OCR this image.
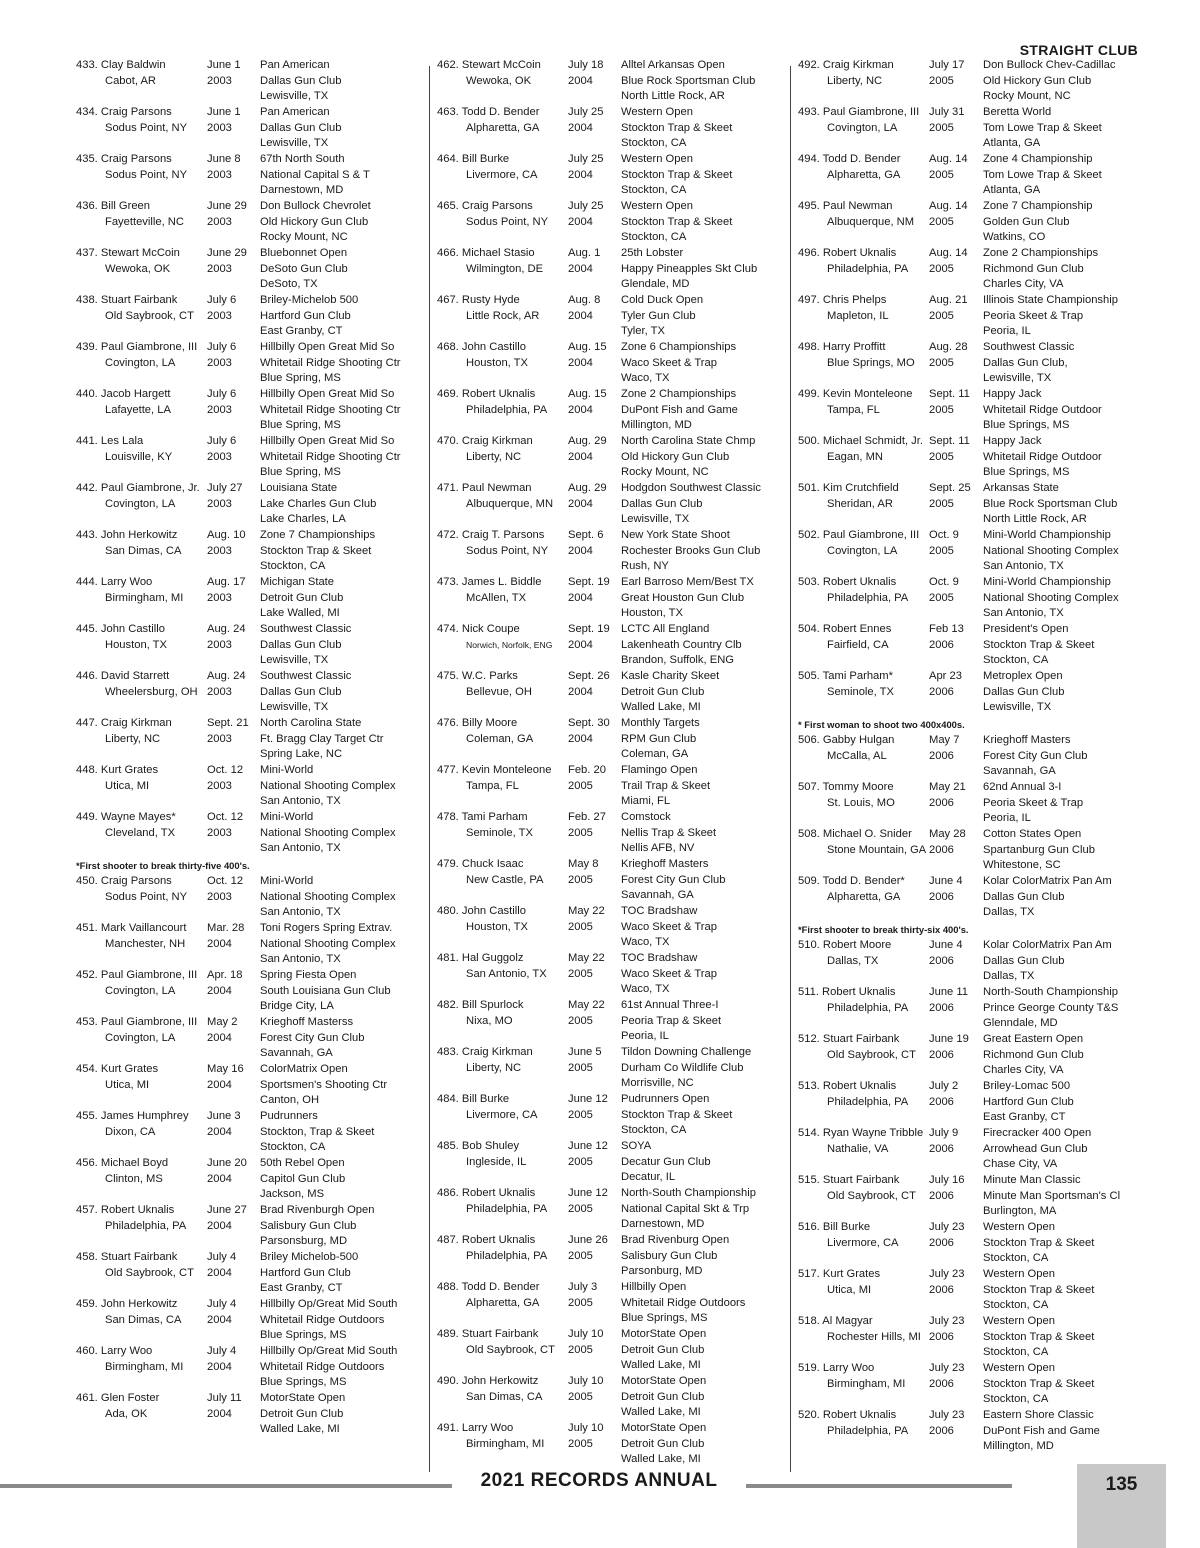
STRAIGHT CLUB
433. Clay Baldwin
Cabot, AR
June 1
2003
Pan American
Dallas Gun Club
Lewisville, TX
434. Craig Parsons
Sodus Point, NY
June 1
2003
Pan American
Dallas Gun Club
Lewisville, TX
435. Craig Parsons
Sodus Point, NY
June 8
2003
67th North South
National Capital S & T
Darnestown, MD
436. Bill Green
Fayetteville, NC
June 29
2003
Don Bullock Chevrolet
Old Hickory Gun Club
Rocky Mount, NC
437. Stewart McCoin
Wewoka, OK
June 29
2003
Bluebonnet Open
DeSoto Gun Club
DeSoto, TX
438. Stuart Fairbank
Old Saybrook, CT
July 6
2003
Briley-Michelob 500
Hartford Gun Club
East Granby, CT
439. Paul Giambrone, III
Covington, LA
July 6
2003
Hillbilly Open Great Mid So
Whitetail Ridge Shooting Ctr
Blue Spring, MS
440. Jacob Hargett
Lafayette, LA
July 6
2003
Hillbilly Open Great Mid So
Whitetail Ridge Shooting Ctr
Blue Spring, MS
441. Les Lala
Louisville, KY
July 6
2003
Hillbilly Open Great Mid So
Whitetail Ridge Shooting Ctr
Blue Spring, MS
442. Paul Giambrone, Jr.
Covington, LA
July 27
2003
Louisiana State
Lake Charles Gun Club
Lake Charles, LA
443. John Herkowitz
San Dimas, CA
Aug. 10
2003
Zone 7 Championships
Stockton Trap & Skeet
Stockton, CA
444. Larry Woo
Birmingham, MI
Aug. 17
2003
Michigan State
Detroit Gun Club
Lake Walled, MI
445. John Castillo
Houston, TX
Aug. 24
2003
Southwest Classic
Dallas Gun Club
Lewisville, TX
446. David Starrett
Wheelersburg, OH
Aug. 24
2003
Southwest Classic
Dallas Gun Club
Lewisville, TX
447. Craig Kirkman
Liberty, NC
Sept. 21
2003
North Carolina State
Ft. Bragg Clay Target Ctr
Spring Lake, NC
448. Kurt Grates
Utica, MI
Oct. 12
2003
Mini-World
National Shooting Complex
San Antonio, TX
449. Wayne Mayes*
Cleveland, TX
Oct. 12
2003
Mini-World
National Shooting Complex
San Antonio, TX
*First shooter to break thirty-five 400's.
450. Craig Parsons
Sodus Point, NY
Oct. 12
2003
Mini-World
National Shooting Complex
San Antonio, TX
451. Mark Vaillancourt
Manchester, NH
Mar. 28
2004
Toni Rogers Spring Extrav.
National Shooting Complex
San Antonio, TX
452. Paul Giambrone, III
Covington, LA
Apr. 18
2004
Spring Fiesta Open
South Louisiana Gun Club
Bridge City, LA
453. Paul Giambrone, III
Covington, LA
May 2
2004
Krieghoff Masterss
Forest City Gun Club
Savannah, GA
454. Kurt Grates
Utica, MI
May 16
2004
ColorMatrix Open
Sportsmen's Shooting Ctr
Canton, OH
455. James Humphrey
Dixon, CA
June 3
2004
Pudrunners
Stockton, Trap & Skeet
Stockton, CA
456. Michael Boyd
Clinton, MS
June 20
2004
50th Rebel Open
Capitol Gun Club
Jackson, MS
457. Robert Uknalis
Philadelphia, PA
June 27
2004
Brad Rivenburgh Open
Salisbury Gun Club
Parsonsburg, MD
458. Stuart Fairbank
Old Saybrook, CT
July 4
2004
Briley Michelob-500
Hartford Gun Club
East Granby, CT
459. John Herkowitz
San Dimas, CA
July 4
2004
Hillbilly Op/Great Mid South
Whitetail Ridge Outdoors
Blue Springs, MS
460. Larry Woo
Birmingham, MI
July 4
2004
Hillbilly Op/Great Mid South
Whitetail Ridge Outdoors
Blue Springs, MS
461. Glen Foster
Ada, OK
July 11
2004
MotorState Open
Detroit Gun Club
Walled Lake, MI
462. Stewart McCoin
Wewoka, OK
July 18
2004
Alltel Arkansas Open
Blue Rock Sportsman Club
North Little Rock, AR
463. Todd D. Bender
Alpharetta, GA
July 25
2004
Western Open
Stockton Trap & Skeet
Stockton, CA
464. Bill Burke
Livermore, CA
July 25
2004
Western Open
Stockton Trap & Skeet
Stockton, CA
465. Craig Parsons
Sodus Point, NY
July 25
2004
Western Open
Stockton Trap & Skeet
Stockton, CA
466. Michael Stasio
Wilmington, DE
Aug. 1
2004
25th Lobster
Happy Pineapples Skt Club
Glendale, MD
467. Rusty Hyde
Little Rock, AR
Aug. 8
2004
Cold Duck Open
Tyler Gun Club
Tyler, TX
468. John Castillo
Houston, TX
Aug. 15
2004
Zone 6 Championships
Waco Skeet & Trap
Waco, TX
469. Robert Uknalis
Philadelphia, PA
Aug. 15
2004
Zone 2 Championships
DuPont Fish and Game
Millington, MD
470. Craig Kirkman
Liberty, NC
Aug. 29
2004
North Carolina State Chmp
Old Hickory Gun Club
Rocky Mount, NC
471. Paul Newman
Albuquerque, MN
Aug. 29
2004
Hodgdon Southwest Classic
Dallas Gun Club
Lewisville, TX
472. Craig T. Parsons
Sodus Point, NY
Sept. 6
2004
New York State Shoot
Rochester Brooks Gun Club
Rush, NY
473. James L. Biddle
McAllen, TX
Sept. 19
2004
Earl Barroso Mem/Best TX
Great Houston Gun Club
Houston, TX
474. Nick Coupe
Norwich, Norfolk, ENG
Sept. 19
2004
LCTC All England
Lakenheath Country Clb
Brandon, Suffolk, ENG
475. W.C. Parks
Bellevue, OH
Sept. 26
2004
Kasle Charity Skeet
Detroit Gun Club
Walled Lake, MI
476. Billy Moore
Coleman, GA
Sept. 30
2004
Monthly Targets
RPM Gun Club
Coleman, GA
477. Kevin Monteleone
Tampa, FL
Feb. 20
2005
Flamingo Open
Trail Trap & Skeet
Miami, FL
478. Tami Parham
Seminole, TX
Feb. 27
2005
Comstock
Nellis Trap & Skeet
Nellis AFB, NV
479. Chuck Isaac
New Castle, PA
May 8
2005
Krieghoff Masters
Forest City Gun Club
Savannah, GA
480. John Castillo
Houston, TX
May 22
2005
TOC Bradshaw
Waco Skeet & Trap
Waco, TX
481. Hal Guggolz
San Antonio, TX
May 22
2005
TOC Bradshaw
Waco Skeet & Trap
Waco, TX
482. Bill Spurlock
Nixa, MO
May 22
2005
61st Annual Three-I
Peoria Trap & Skeet
Peoria, IL
483. Craig Kirkman
Liberty, NC
June 5
2005
Tildon Downing Challenge
Durham Co Wildlife Club
Morrisville, NC
484. Bill Burke
Livermore, CA
June 12
2005
Pudrunners Open
Stockton Trap & Skeet
Stockton, CA
485. Bob Shuley
Ingleside, IL
June 12
2005
SOYA
Decatur Gun Club
Decatur, IL
486. Robert Uknalis
Philadelphia, PA
June 12
2005
North-South Championship
National Capital Skt & Trp
Darnestown, MD
487. Robert Uknalis
Philadelphia, PA
June 26
2005
Brad Rivenburg Open
Salisbury Gun Club
Parsonburg, MD
488. Todd D. Bender
Alpharetta, GA
July 3
2005
Hillbilly Open
Whitetail Ridge Outdoors
Blue Springs, MS
489. Stuart Fairbank
Old Saybrook, CT
July 10
2005
MotorState Open
Detroit Gun Club
Walled Lake, MI
490. John Herkowitz
San Dimas, CA
July 10
2005
MotorState Open
Detroit Gun Club
Walled Lake, MI
491. Larry Woo
Birmingham, MI
July 10
2005
MotorState Open
Detroit Gun Club
Walled Lake, MI
492. Craig Kirkman
Liberty, NC
July 17
2005
Don Bullock Chev-Cadillac
Old Hickory Gun Club
Rocky Mount, NC
493. Paul Giambrone, III
Covington, LA
July 31
2005
Beretta World
Tom Lowe Trap & Skeet
Atlanta, GA
494. Todd D. Bender
Alpharetta, GA
Aug. 14
2005
Zone 4 Championship
Tom Lowe Trap & Skeet
Atlanta, GA
495. Paul Newman
Albuquerque, NM
Aug. 14
2005
Zone 7 Championship
Golden Gun Club
Watkins, CO
496. Robert Uknalis
Philadelphia, PA
Aug. 14
2005
Zone 2 Championships
Richmond Gun Club
Charles City, VA
497. Chris Phelps
Mapleton, IL
Aug. 21
2005
Illinois State Championship
Peoria Skeet & Trap
Peoria, IL
498. Harry Proffitt
Blue Springs, MO
Aug. 28
2005
Southwest Classic
Dallas Gun Club,
Lewisville, TX
499. Kevin Monteleone
Tampa, FL
Sept. 11
2005
Happy Jack
Whitetail Ridge Outdoor
Blue Springs, MS
500. Michael Schmidt, Jr.
Eagan, MN
Sept. 11
2005
Happy Jack
Whitetail Ridge Outdoor
Blue Springs, MS
501. Kim Crutchfield
Sheridan, AR
Sept. 25
2005
Arkansas State
Blue Rock Sportsman Club
North Little Rock, AR
502. Paul Giambrone, III
Covington, LA
Oct. 9
2005
Mini-World Championship
National Shooting Complex
San Antonio, TX
503. Robert Uknalis
Philadelphia, PA
Oct. 9
2005
Mini-World Championship
National Shooting Complex
San Antonio, TX
504. Robert Ennes
Fairfield, CA
Feb 13
2006
President's Open
Stockton Trap & Skeet
Stockton, CA
505. Tami Parham*
Seminole, TX
Apr 23
2006
Metroplex Open
Dallas Gun Club
Lewisville, TX
* First woman to shoot two 400x400s.
506. Gabby Hulgan
McCalla, AL
May 7
2006
Krieghoff Masters
Forest City Gun Club
Savannah, GA
507. Tommy Moore
St. Louis, MO
May 21
2006
62nd Annual 3-I
Peoria Skeet & Trap
Peoria, IL
508. Michael O. Snider
Stone Mountain, GA
May 28
2006
Cotton States Open
Spartanburg Gun Club
Whitestone, SC
509. Todd D. Bender*
Alpharetta, GA
June 4
2006
Kolar ColorMatrix Pan Am
Dallas Gun Club
Dallas, TX
*First shooter to break thirty-six 400's.
510. Robert Moore
Dallas, TX
June 4
2006
Kolar ColorMatrix Pan Am
Dallas Gun Club
Dallas, TX
511. Robert Uknalis
Philadelphia, PA
June 11
2006
North-South Championship
Prince George County T&S
Glenndale, MD
512. Stuart Fairbank
Old Saybrook, CT
June 19
2006
Great Eastern Open
Richmond Gun Club
Charles City, VA
513. Robert Uknalis
Philadelphia, PA
July 2
2006
Briley-Lomac 500
Hartford Gun Club
East Granby, CT
514. Ryan Wayne Tribble
Nathalie, VA
July 9
2006
Firecracker 400 Open
Arrowhead Gun Club
Chase City, VA
515. Stuart Fairbank
Old Saybrook, CT
July 16
2006
Minute Man Classic
Minute Man Sportsman's Cl
Burlington, MA
516. Bill Burke
Livermore, CA
July 23
2006
Western Open
Stockton Trap & Skeet
Stockton, CA
517. Kurt Grates
Utica, MI
July 23
2006
Western Open
Stockton Trap & Skeet
Stockton, CA
518. Al Magyar
Rochester Hills, MI
July 23
2006
Western Open
Stockton Trap & Skeet
Stockton, CA
519. Larry Woo
Birmingham, MI
July 23
2006
Western Open
Stockton Trap & Skeet
Stockton, CA
520. Robert Uknalis
Philadelphia, PA
July 23
2006
Eastern Shore Classic
DuPont Fish and Game
Millington, MD
2021 RECORDS ANNUAL	135
